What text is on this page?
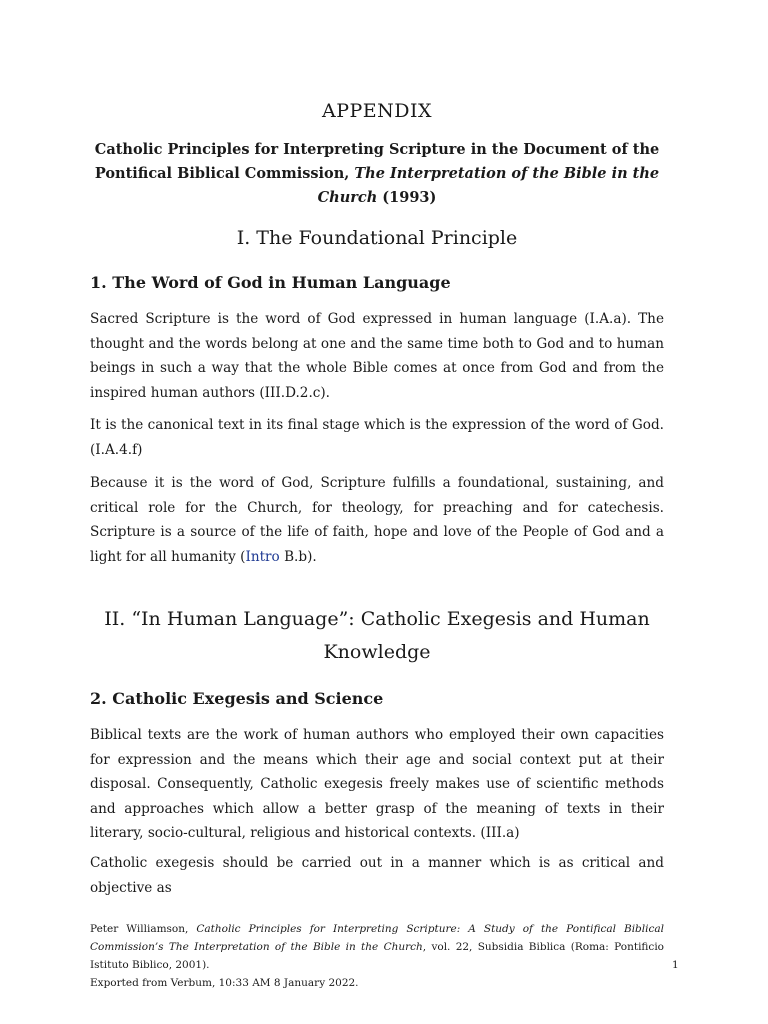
APPENDIX

Catholic Principles for Interpreting Scripture in the Document of the Pontifical Biblical Commission, The Interpretation of the Bible in the Church (1993)

I. The Foundational Principle
1. The Word of God in Human Language

Sacred Scripture is the word of God expressed in human language (I.A.a). The thought and the words belong at one and the same time both to God and to human beings in such a way that the whole Bible comes at once from God and from the inspired human authors (III.D.2.c).

It is the canonical text in its final stage which is the expression of the word of God. (I.A.4.f)

Because it is the word of God, Scripture fulfills a foundational, sustaining, and critical role for the Church, for theology, for preaching and for catechesis. Scripture is a source of the life of faith, hope and love of the People of God and a light for all humanity (Intro B.b).

II. “In Human Language”: Catholic Exegesis and Human
Knowledge
2. Catholic Exegesis and Science

Biblical texts are the work of human authors who employed their own capacities for expression and the means which their age and social context put at their disposal. Consequently, Catholic exegesis freely makes use of scientific methods and approaches which allow a better grasp of the meaning of texts in their literary, socio-cultural, religious and historical contexts. (III.a)

Catholic exegesis should be carried out in a manner which is as critical and objective as

Peter Williamson, Catholic Principles for Interpreting Scripture: A Study of the Pontifical Biblical Commission’s The Interpretation of the Bible in the Church, vol. 22, Subsidia Biblica (Roma: Pontificio Istituto Biblico, 2001).
Exported from Verbum, 10:33 AM 8 January 2022.

1
